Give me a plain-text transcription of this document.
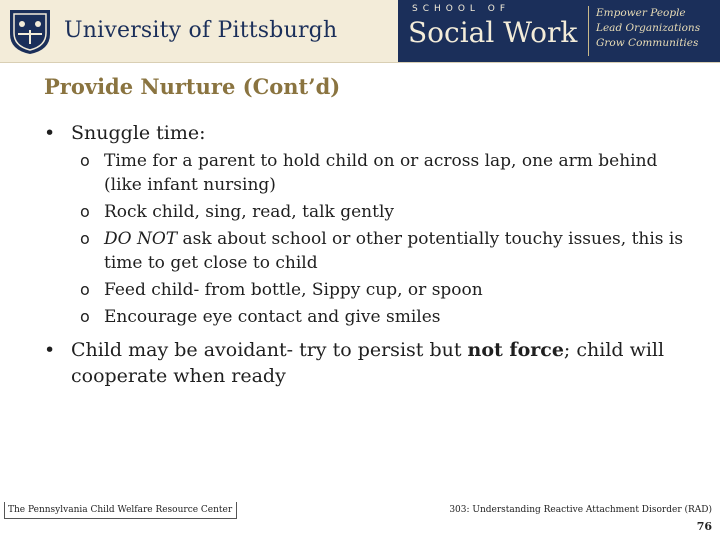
University of Pittsburgh
SCHOOL OF
Social Work
Empower People
Lead Organizations
Grow Communities
Provide Nurture (Cont’d)
• Snuggle time:
o Time for a parent to hold child on or across lap, one arm behind (like infant nursing)
o Rock child, sing, read, talk gently
o DO NOT ask about school or other potentially touchy issues, this is time to get close to child
o Feed child- from bottle, Sippy cup, or spoon
o Encourage eye contact and give smiles
• Child may be avoidant- try to persist but not force; child will cooperate when ready
The Pennsylvania Child Welfare Resource Center	303: Understanding Reactive Attachment Disorder (RAD)
76
